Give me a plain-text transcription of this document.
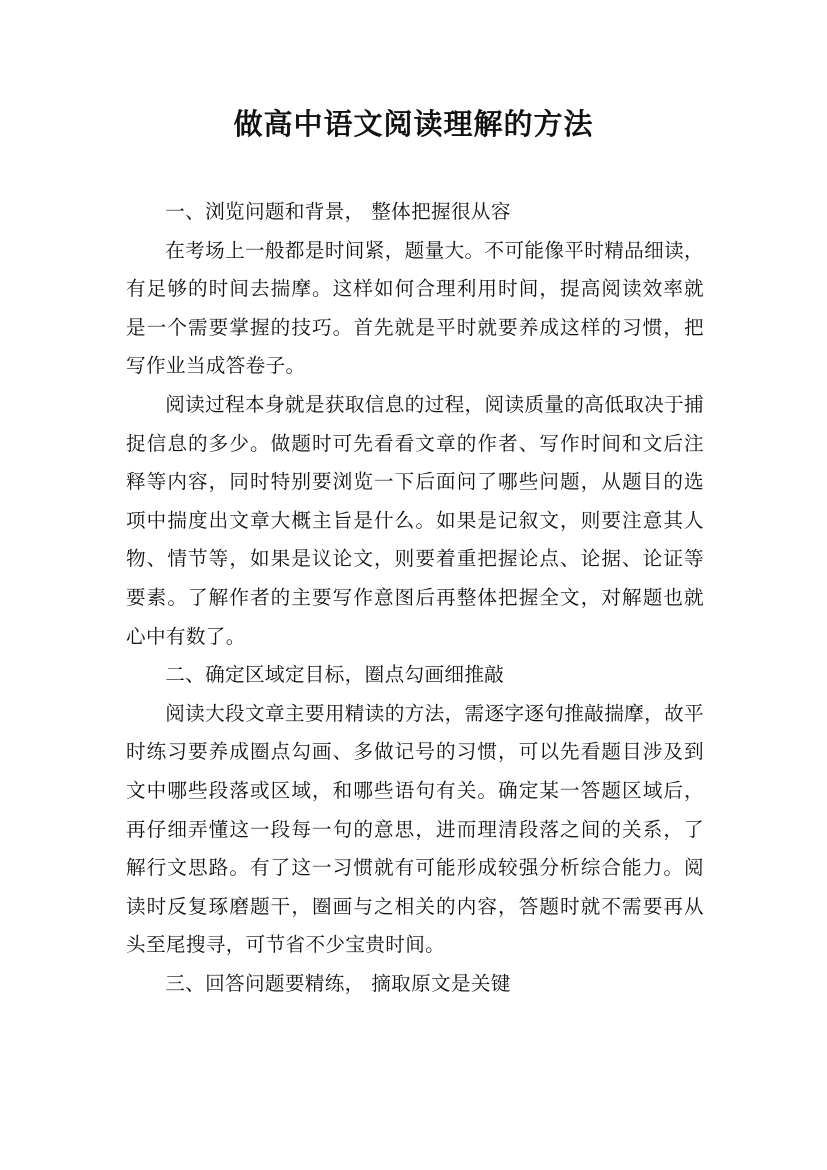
做高中语文阅读理解的方法

一、浏览问题和背景， 整体把握很从容

在考场上一般都是时间紧，题量大。不可能像平时精品细读，有足够的时间去揣摩。这样如何合理利用时间，提高阅读效率就是一个需要掌握的技巧。首先就是平时就要养成这样的习惯，把写作业当成答卷子。

阅读过程本身就是获取信息的过程，阅读质量的高低取决于捕捉信息的多少。做题时可先看看文章的作者、写作时间和文后注释等内容，同时特别要浏览一下后面问了哪些问题，从题目的选项中揣度出文章大概主旨是什么。如果是记叙文，则要注意其人物、情节等，如果是议论文，则要着重把握论点、论据、论证等要素。了解作者的主要写作意图后再整体把握全文，对解题也就心中有数了。

二、确定区域定目标，圈点勾画细推敲

阅读大段文章主要用精读的方法，需逐字逐句推敲揣摩，故平时练习要养成圈点勾画、多做记号的习惯，可以先看题目涉及到文中哪些段落或区域，和哪些语句有关。确定某一答题区域后，再仔细弄懂这一段每一句的意思，进而理清段落之间的关系，了解行文思路。有了这一习惯就有可能形成较强分析综合能力。阅读时反复琢磨题干，圈画与之相关的内容，答题时就不需要再从头至尾搜寻，可节省不少宝贵时间。

三、回答问题要精练， 摘取原文是关键
